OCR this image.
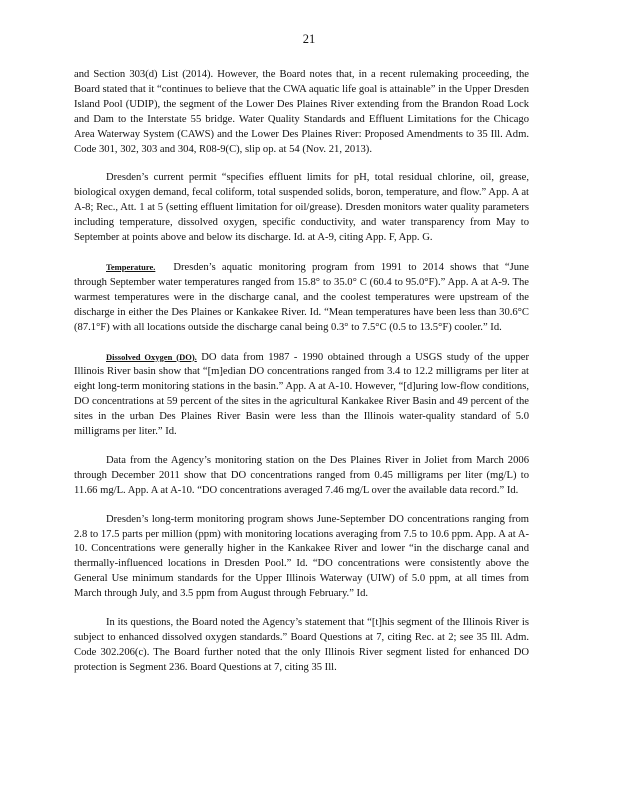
21

and Section 303(d) List (2014). However, the Board notes that, in a recent rulemaking proceeding, the Board stated that it “continues to believe that the CWA aquatic life goal is attainable” in the Upper Dresden Island Pool (UDIP), the segment of the Lower Des Plaines River extending from the Brandon Road Lock and Dam to the Interstate 55 bridge. Water Quality Standards and Effluent Limitations for the Chicago Area Waterway System (CAWS) and the Lower Des Plaines River: Proposed Amendments to 35 Ill. Adm. Code 301, 302, 303 and 304, R08-9(C), slip op. at 54 (Nov. 21, 2013).

Dresden’s current permit “specifies effluent limits for pH, total residual chlorine, oil, grease, biological oxygen demand, fecal coliform, total suspended solids, boron, temperature, and flow.” App. A at A-8; Rec., Att. 1 at 5 (setting effluent limitation for oil/grease). Dresden monitors water quality parameters including temperature, dissolved oxygen, specific conductivity, and water transparency from May to September at points above and below its discharge. Id. at A-9, citing App. F, App. G.

Temperature. Dresden’s aquatic monitoring program from 1991 to 2014 shows that “June through September water temperatures ranged from 15.8° to 35.0° C (60.4 to 95.0°F).” App. A at A-9. The warmest temperatures were in the discharge canal, and the coolest temperatures were upstream of the discharge in either the Des Plaines or Kankakee River. Id. “Mean temperatures have been less than 30.6°C (87.1°F) with all locations outside the discharge canal being 0.3° to 7.5°C (0.5 to 13.5°F) cooler.” Id.

Dissolved Oxygen (DO). DO data from 1987 - 1990 obtained through a USGS study of the upper Illinois River basin show that “[m]edian DO concentrations ranged from 3.4 to 12.2 milligrams per liter at eight long-term monitoring stations in the basin.” App. A at A-10. However, “[d]uring low-flow conditions, DO concentrations at 59 percent of the sites in the agricultural Kankakee River Basin and 49 percent of the sites in the urban Des Plaines River Basin were less than the Illinois water-quality standard of 5.0 milligrams per liter.” Id.

Data from the Agency’s monitoring station on the Des Plaines River in Joliet from March 2006 through December 2011 show that DO concentrations ranged from 0.45 milligrams per liter (mg/L) to 11.66 mg/L. App. A at A-10. “DO concentrations averaged 7.46 mg/L over the available data record.” Id.

Dresden’s long-term monitoring program shows June-September DO concentrations ranging from 2.8 to 17.5 parts per million (ppm) with monitoring locations averaging from 7.5 to 10.6 ppm. App. A at A-10. Concentrations were generally higher in the Kankakee River and lower “in the discharge canal and thermally-influenced locations in Dresden Pool.” Id. “DO concentrations were consistently above the General Use minimum standards for the Upper Illinois Waterway (UIW) of 5.0 ppm, at all times from March through July, and 3.5 ppm from August through February.” Id.

In its questions, the Board noted the Agency’s statement that “[t]his segment of the Illinois River is subject to enhanced dissolved oxygen standards.” Board Questions at 7, citing Rec. at 2; see 35 Ill. Adm. Code 302.206(c). The Board further noted that the only Illinois River segment listed for enhanced DO protection is Segment 236. Board Questions at 7, citing 35 Ill.
